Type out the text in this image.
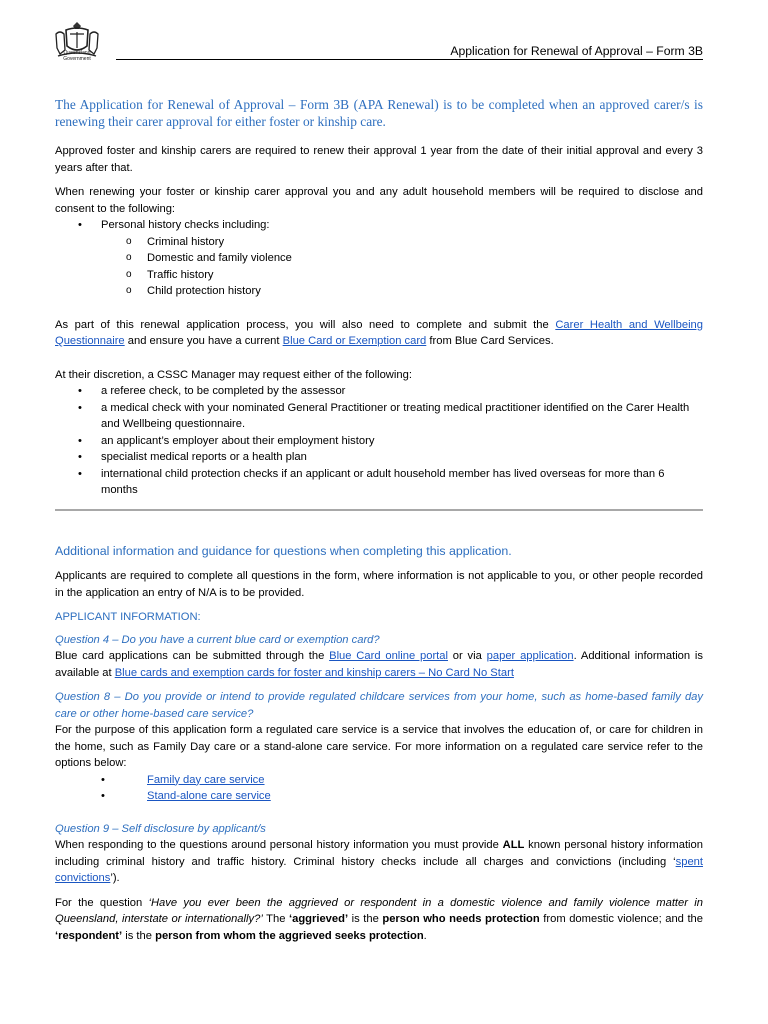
Queensland Government
Application for Renewal of Approval – Form 3B

The Application for Renewal of Approval – Form 3B (APA Renewal) is to be completed when an approved carer/s is renewing their carer approval for either foster or kinship care.

Approved foster and kinship carers are required to renew their approval 1 year from the date of their initial approval and every 3 years after that.

When renewing your foster or kinship carer approval you and any adult household members will be required to disclose and consent to the following:

• Personal history checks including:
o Criminal history
o Domestic and family violence
o Traffic history
o Child protection history

As part of this renewal application process, you will also need to complete and submit the Carer Health and Wellbeing Questionnaire and ensure you have a current Blue Card or Exemption card from Blue Card Services.

At their discretion, a CSSC Manager may request either of the following:

• a referee check, to be completed by the assessor
• a medical check with your nominated General Practitioner or treating medical practitioner identified on the Carer Health and Wellbeing questionnaire.
• an applicant’s employer about their employment history
• specialist medical reports or a health plan
• international child protection checks if an applicant or adult household member has lived overseas for more than 6 months
Additional information and guidance for questions when completing this application.

Applicants are required to complete all questions in the form, where information is not applicable to you, or other people recorded in the application an entry of N/A is to be provided.

APPLICANT INFORMATION:

Question 4 – Do you have a current blue card or exemption card?

Blue card applications can be submitted through the Blue Card online portal or via paper application. Additional information is available at Blue cards and exemption cards for foster and kinship carers – No Card No Start

Question 8 – Do you provide or intend to provide regulated childcare services from your home, such as home-based family day care or other home-based care service?

For the purpose of this application form a regulated care service is a service that involves the education of, or care for children in the home, such as Family Day care or a stand-alone care service. For more information on a regulated care service refer to the options below:

• Family day care service
• Stand-alone care service

Question 9 – Self disclosure by applicant/s

When responding to the questions around personal history information you must provide ALL known personal history information including criminal history and traffic history. Criminal history checks include all charges and convictions (including ‘spent convictions’).

For the question ‘Have you ever been the aggrieved or respondent in a domestic violence and family violence matter in Queensland, interstate or internationally?’ The ‘aggrieved’ is the person who needs protection from domestic violence; and the ‘respondent’ is the person from whom the aggrieved seeks protection.
